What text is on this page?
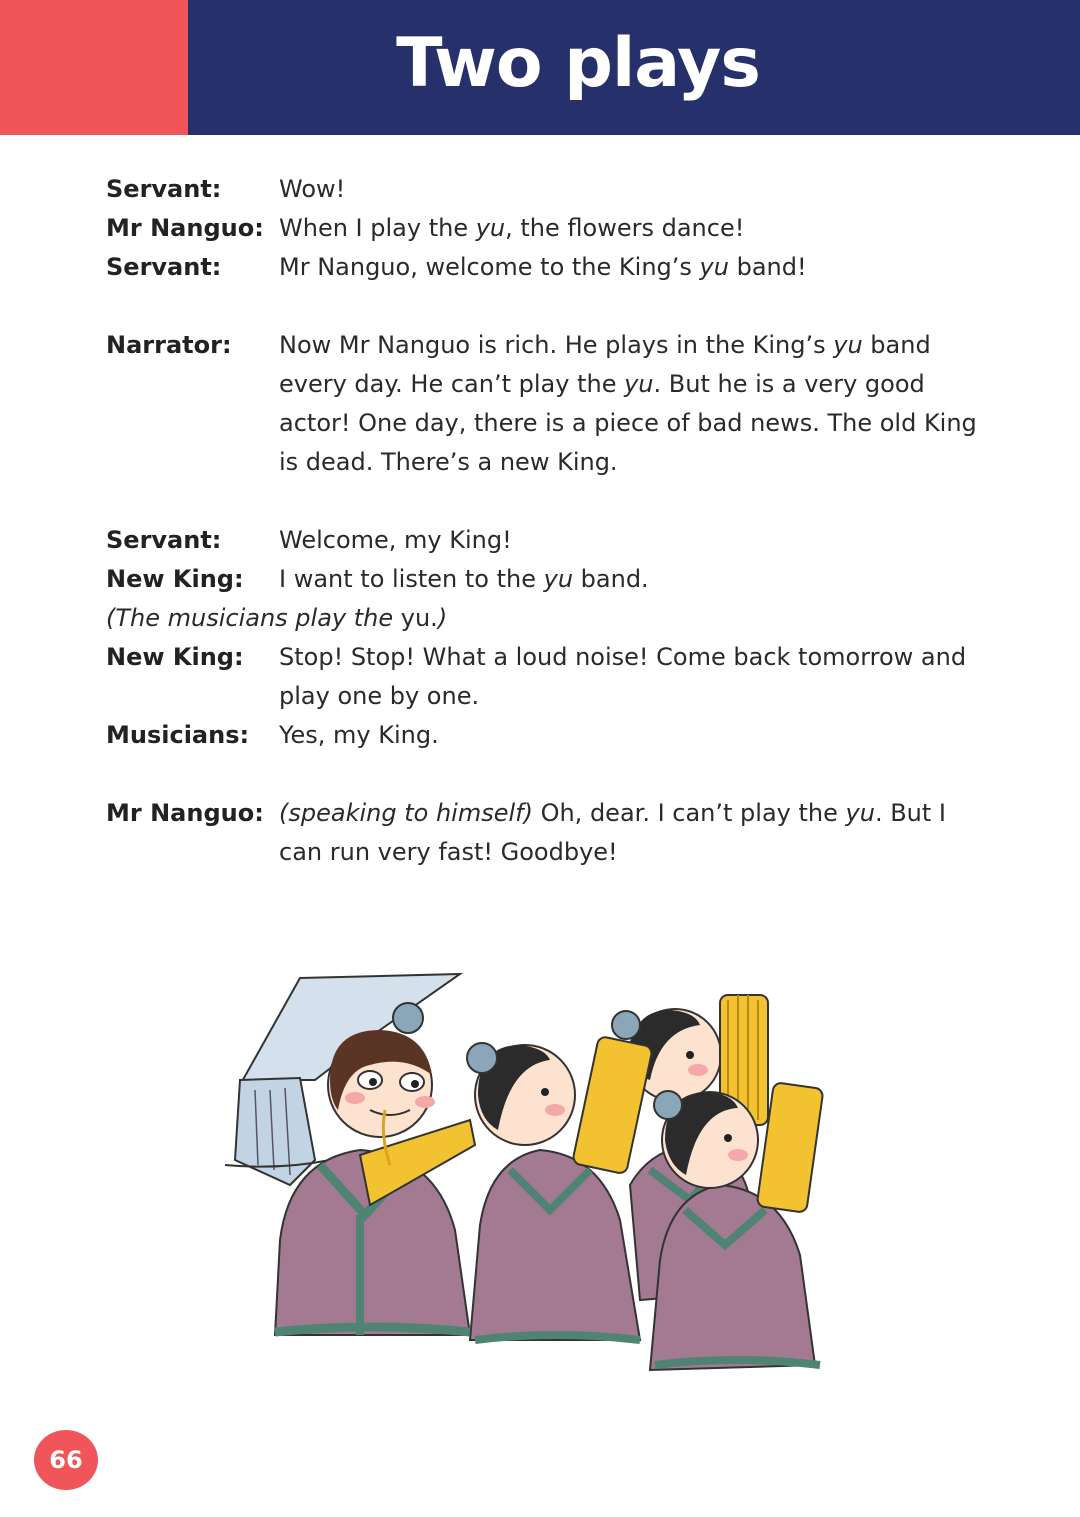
Two plays
Servant:	Wow!
Mr Nanguo: When I play the yu, the flowers dance!
Servant:	Mr Nanguo, welcome to the King’s yu band!
Narrator:	Now Mr Nanguo is rich. He plays in the King’s yu band every day. He can’t play the yu. But he is a very good actor! One day, there is a piece of bad news. The old King is dead. There’s a new King.
Servant:	Welcome, my King!
New King:	I want to listen to the yu band.
(The musicians play the yu.)
New King:	Stop! Stop! What a loud noise! Come back tomorrow and play one by one.
Musicians:	Yes, my King.
Mr Nanguo: (speaking to himself) Oh, dear. I can’t play the yu. But I can run very fast! Goodbye!
66
